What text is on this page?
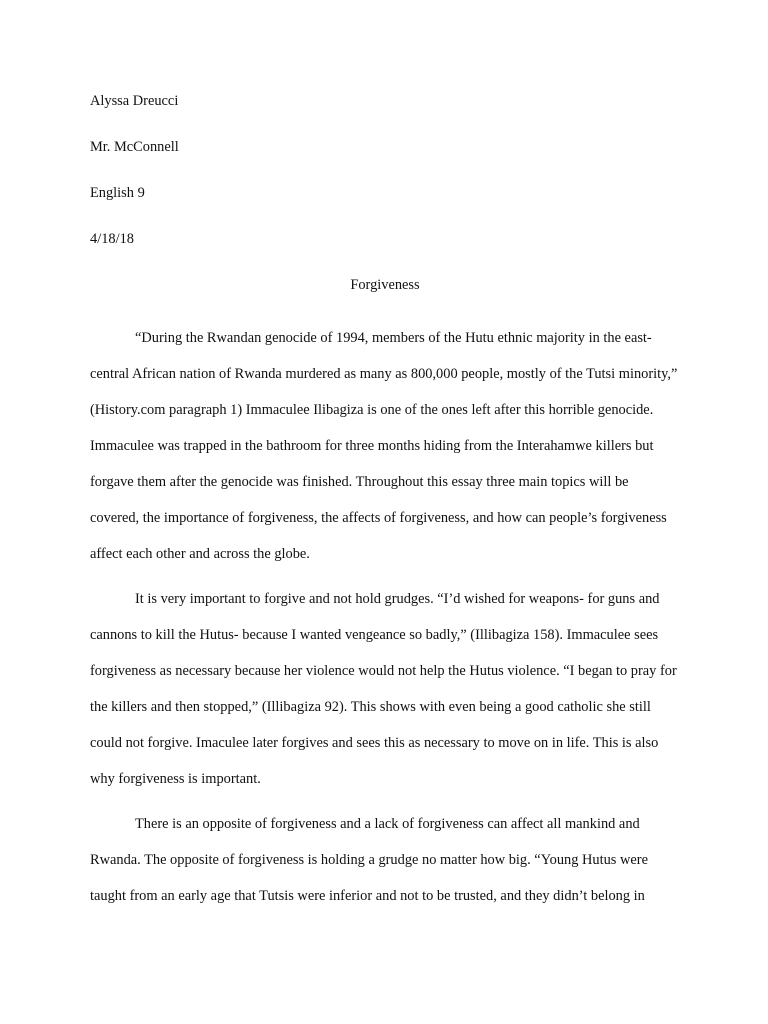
Alyssa Dreucci
Mr. McConnell
English 9
4/18/18
Forgiveness

“During the Rwandan genocide of 1994, members of the Hutu ethnic majority in the east-central African nation of Rwanda murdered as many as 800,000 people, mostly of the Tutsi minority,” (History.com paragraph 1) Immaculee Ilibagiza is one of the ones left after this horrible genocide. Immaculee was trapped in the bathroom for three months hiding from the Interahamwe killers but forgave them after the genocide was finished. Throughout this essay three main topics will be covered, the importance of forgiveness, the affects of forgiveness, and how can people’s forgiveness affect each other and across the globe.

It is very important to forgive and not hold grudges. “I’d wished for weapons- for guns and cannons to kill the Hutus- because I wanted vengeance so badly,” (Illibagiza 158). Immaculee sees forgiveness as necessary because her violence would not help the Hutus violence. “I began to pray for the killers and then stopped,” (Illibagiza 92). This shows with even being a good catholic she still could not forgive. Imaculee later forgives and sees this as necessary to move on in life. This is also why forgiveness is important.

There is an opposite of forgiveness and a lack of forgiveness can affect all mankind and Rwanda. The opposite of forgiveness is holding a grudge no matter how big. “Young Hutus were taught from an early age that Tutsis were inferior and not to be trusted, and they didn’t belong in
